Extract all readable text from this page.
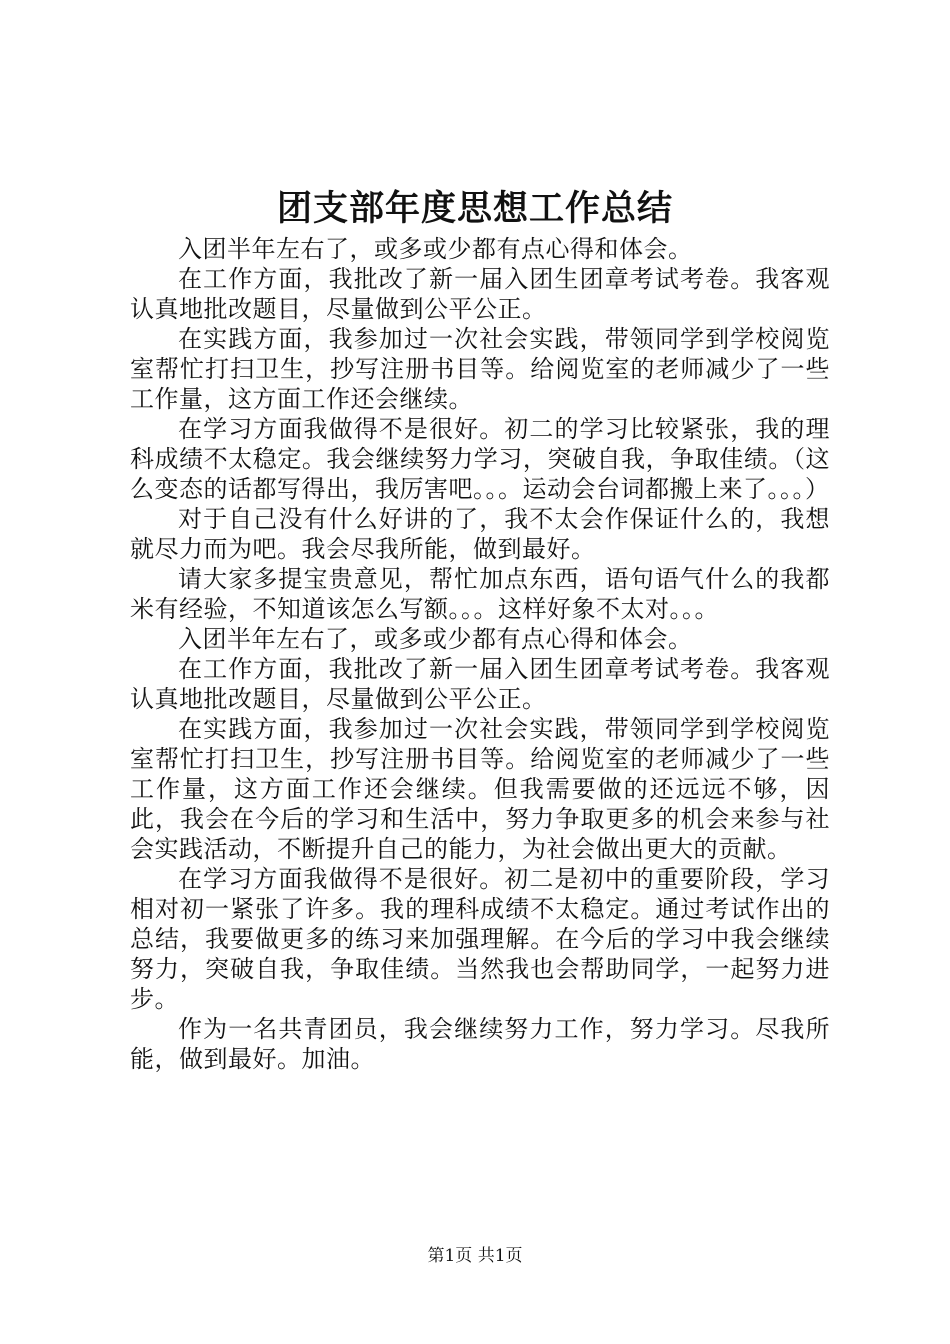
团支部年度思想工作总结

入团半年左右了，或多或少都有点心得和体会。

在工作方面，我批改了新一届入团生团章考试考卷。我客观认真地批改题目，尽量做到公平公正。

在实践方面，我参加过一次社会实践，带领同学到学校阅览室帮忙打扫卫生，抄写注册书目等。给阅览室的老师减少了一些工作量，这方面工作还会继续。

在学习方面我做得不是很好。初二的学习比较紧张，我的理科成绩不太稳定。我会继续努力学习，突破自我，争取佳绩。（这么变态的话都写得出，我厉害吧。。。运动会台词都搬上来了。。。）

对于自己没有什么好讲的了，我不太会作保证什么的，我想就尽力而为吧。我会尽我所能，做到最好。

请大家多提宝贵意见，帮忙加点东西，语句语气什么的我都米有经验，不知道该怎么写额。。。这样好象不太对。。。

入团半年左右了，或多或少都有点心得和体会。

在工作方面，我批改了新一届入团生团章考试考卷。我客观认真地批改题目，尽量做到公平公正。

在实践方面，我参加过一次社会实践，带领同学到学校阅览室帮忙打扫卫生，抄写注册书目等。给阅览室的老师减少了一些工作量，这方面工作还会继续。但我需要做的还远远不够，因此，我会在今后的学习和生活中，努力争取更多的机会来参与社会实践活动，不断提升自己的能力，为社会做出更大的贡献。

在学习方面我做得不是很好。初二是初中的重要阶段，学习相对初一紧张了许多。我的理科成绩不太稳定。通过考试作出的总结，我要做更多的练习来加强理解。在今后的学习中我会继续努力，突破自我，争取佳绩。当然我也会帮助同学，一起努力进步。

作为一名共青团员，我会继续努力工作，努力学习。尽我所能，做到最好。加油。

第1页 共1页
